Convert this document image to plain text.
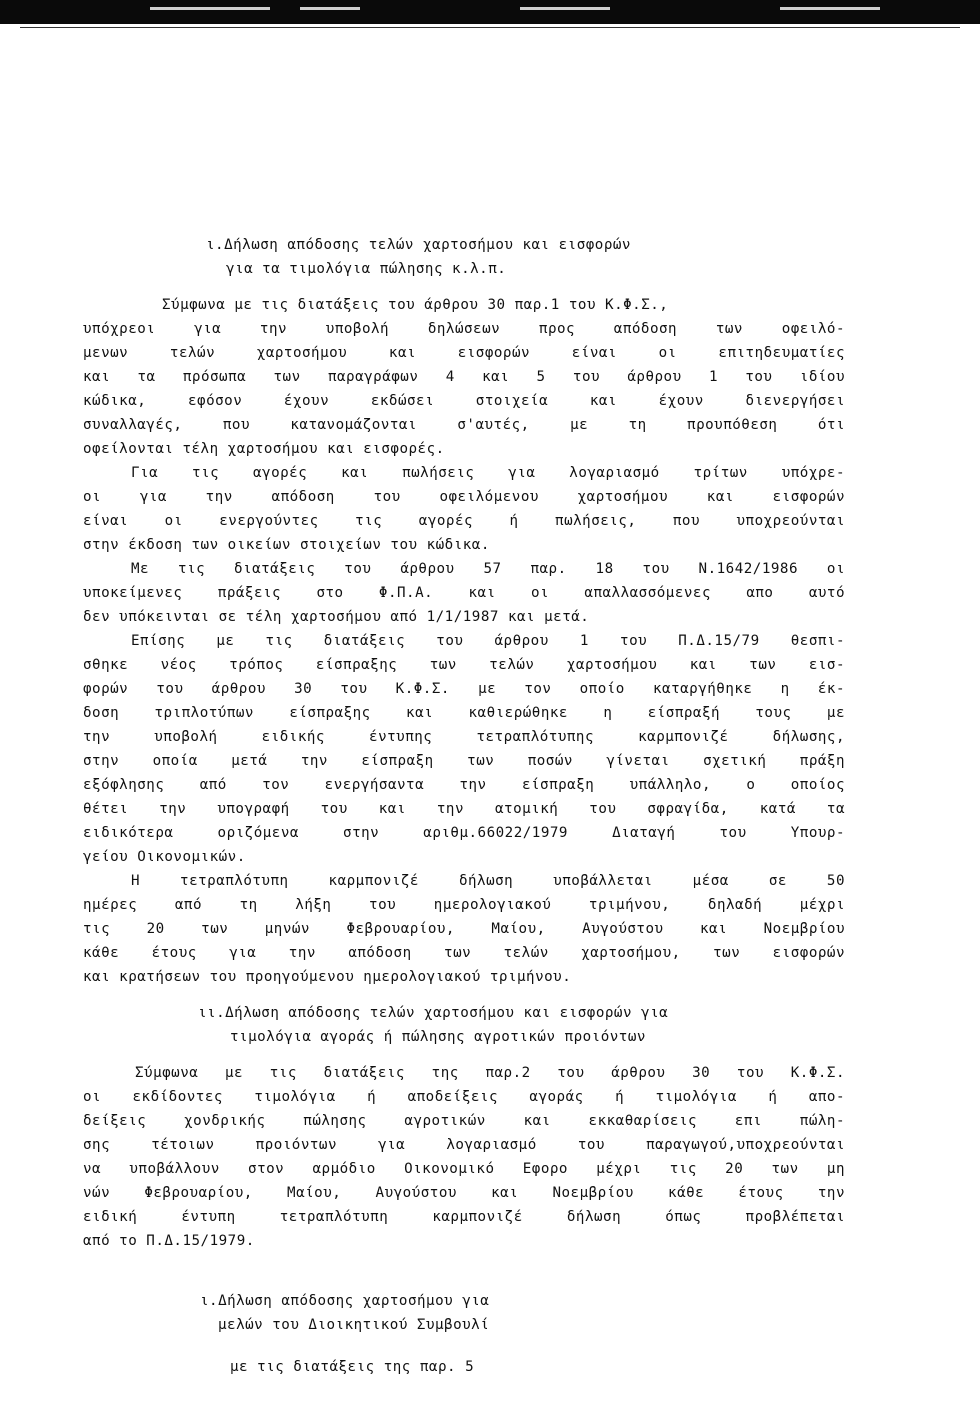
ι.Δήλωση απόδοσης τελών χαρτοσήμου και εισφορών
για τα τιμολόγια πώλησης κ.λ.π.
Σύμφωνα με τις διατάξεις του άρθρου 30 παρ.1 του Κ.Φ.Σ.,
υπόχρεοι για την υποβολή δηλώσεων προς απόδοση των οφειλό-
μενων τελών χαρτοσήμου και εισφορών είναι οι επιτηδευματίες
και τα πρόσωπα των παραγράφων 4 και 5 του άρθρου 1 του ιδίου
κώδικα, εφόσον έχουν εκδώσει στοιχεία και έχουν διενεργήσει
συναλλαγές, που κατανομάζονται σ'αυτές, με τη προυπόθεση ότι
οφείλονται τέλη χαρτοσήμου και εισφορές.
Για τις αγορές και πωλήσεις για λογαριασμό τρίτων υπόχρε-
οι για την απόδοση του οφειλόμενου χαρτοσήμου και εισφορών
είναι οι ενεργούντες τις αγορές ή πωλήσεις, που υποχρεούνται
στην έκδοση των οικείων στοιχείων του κώδικα.
Με τις διατάξεις του άρθρου 57 παρ. 18 του Ν.1642/1986 οι
υποκείμενες πράξεις στο Φ.Π.Α. και οι απαλλασσόμενες απο αυτό
δεν υπόκεινται σε τέλη χαρτοσήμου από 1/1/1987 και μετά.
Επίσης με τις διατάξεις του άρθρου 1 του Π.Δ.15/79 θεσπι-
σθηκε νέος τρόπος είσπραξης των τελών χαρτοσήμου και των εισ-
φορών του άρθρου 30 του Κ.Φ.Σ. με τον οποίο καταργήθηκε η έκ-
δοση τριπλοτύπων είσπραξης και καθιερώθηκε η είσπραξή τους με
την υποβολή ειδικής έντυπης τετραπλότυπης καρμπονιζέ δήλωσης,
στην οποία μετά την είσπραξη των ποσών γίνεται σχετική πράξη
εξόφλησης από τον ενεργήσαντα την είσπραξη υπάλληλο, ο οποίος
θέτει την υπογραφή του και την ατομική του σφραγίδα, κατά τα
ειδικότερα οριζόμενα στην αριθμ.66022/1979 Διαταγή του Υπουρ-
γείου Οικονομικών.
Η τετραπλότυπη καρμπονιζέ δήλωση υποβάλλεται μέσα σε 50
ημέρες από τη λήξη του ημερολογιακού τριμήνου, δηλαδή μέχρι
τις 20 των μηνών Φεβρουαρίου, Μαίου, Αυγούστου και Νοεμβρίου
κάθε έτους για την απόδοση των τελών χαρτοσήμου, των εισφορών
και κρατήσεων του προηγούμενου ημερολογιακού τριμήνου.
ιι.Δήλωση απόδοσης τελών χαρτοσήμου και εισφορών για
τιμολόγια αγοράς ή πώλησης αγροτικών προιόντων
Σύμφωνα με τις διατάξεις της παρ.2 του άρθρου 30 του Κ.Φ.Σ.
οι εκδίδοντες τιμολόγια ή αποδείξεις αγοράς ή τιμολόγια ή απο-
δείξεις χονδρικής πώλησης αγροτικών και εκκαθαρίσεις επι πώλη-
σης τέτοιων προιόντων για λογαριασμό του παραγωγού,υποχρεούνται
να υποβάλλουν στον αρμόδιο Οικονομικό Εφορο μέχρι τις 20 των μη
νών Φεβρουαρίου, Μαίου, Αυγούστου και Νοεμβρίου κάθε έτους την
ειδική έντυπη τετραπλότυπη καρμπονιζέ δήλωση όπως προβλέπεται
από το Π.Δ.15/1979.
ι.Δήλωση απόδοσης χαρτοσήμου για
μελών του Διοικητικού Συμβουλί
με τις διατάξεις της παρ. 5
